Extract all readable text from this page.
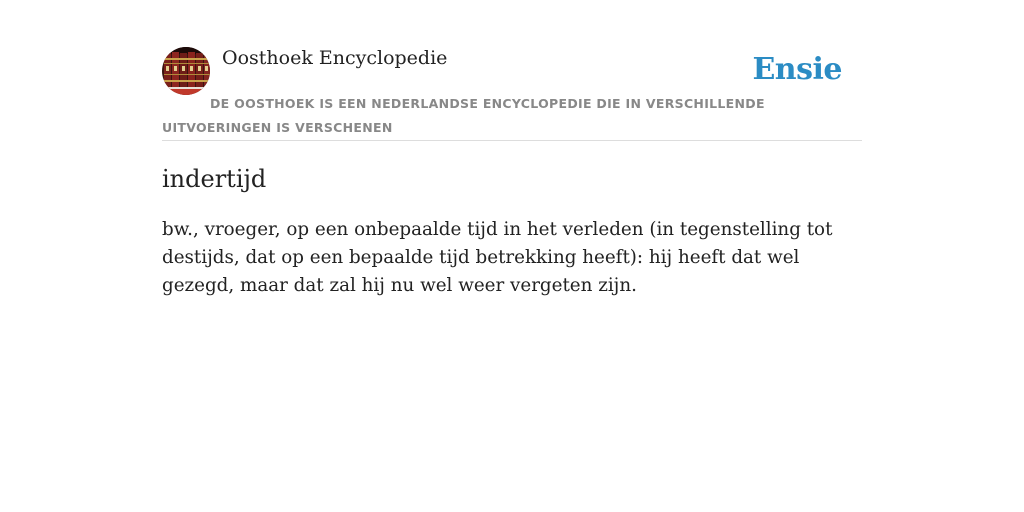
Oosthoek Encyclopedie	Ensie
DE OOSTHOEK IS EEN NEDERLANDSE ENCYCLOPEDIE DIE IN VERSCHILLENDE UITVOERINGEN IS VERSCHENEN
indertijd

bw., vroeger, op een onbepaalde tijd in het verleden (in tegenstelling tot destijds, dat op een bepaalde tijd betrekking heeft): hij heeft dat wel gezegd, maar dat zal hij nu wel weer vergeten zijn.
